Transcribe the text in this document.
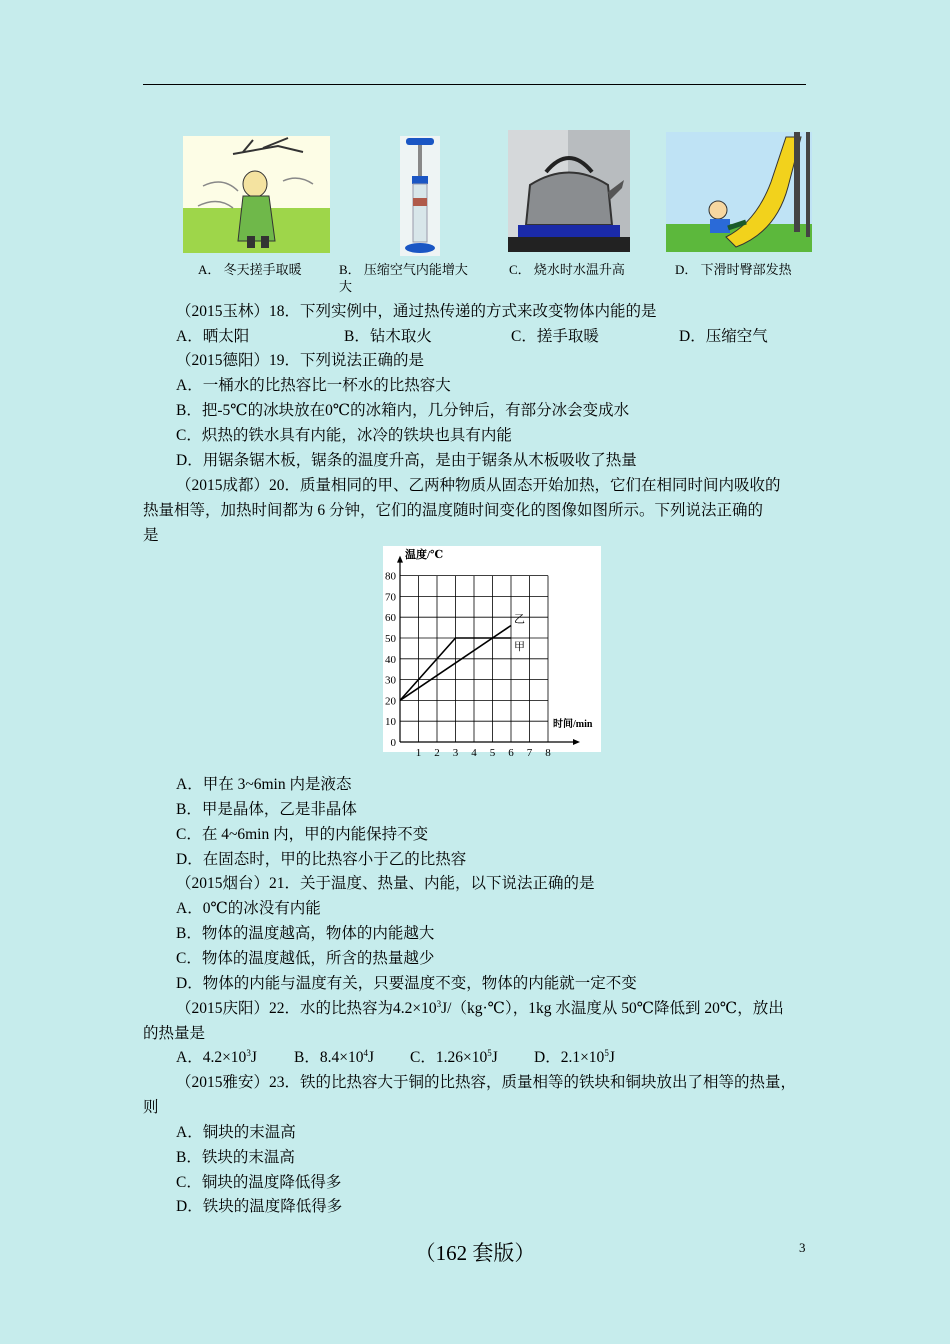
A． 冬天搓手取暖	B． 压缩空气内能增大
大
C． 烧水时水温升高	D． 下滑时臀部发热
（2015玉林）18．下列实例中，通过热传递的方式来改变物体内能的是
A．晒太阳	B．钻木取火	C．搓手取暖	D．压缩空气
（2015德阳）19．下列说法正确的是
A．一桶水的比热容比一杯水的比热容大
B．把-5℃的冰块放在0℃的冰箱内，几分钟后，有部分冰会变成水
C．炽热的铁水具有内能，冰冷的铁块也具有内能
D．用锯条锯木板，锯条的温度升高，是由于锯条从木板吸收了热量
（2015成都）20．质量相同的甲、乙两种物质从固态开始加热，它们在相同时间内吸收的
热量相等，加热时间都为 6 分钟，它们的温度随时间变化的图像如图所示。下列说法正确的
是
甲
乙
0
10
20
30
40
50
60
70
80
1 2 3 4 5 6 7 8
温度/℃
时间/min
A．甲在 3~6min 内是液态
B．甲是晶体，乙是非晶体
C．在 4~6min 内，甲的内能保持不变
D．在固态时，甲的比热容小于乙的比热容
（2015烟台）21．关于温度、热量、内能，以下说法正确的是
A．0℃的冰没有内能
B．物体的温度越高，物体的内能越大
C．物体的温度越低，所含的热量越少
D．物体的内能与温度有关，只要温度不变，物体的内能就一定不变
（2015庆阳）22．水的比热容为$4.2\times 10^3J/(kg\cdot℃)$，1kg 水温度从 50℃降低到 20℃，放出
的热量是
A．$4.2\times 10^3J$ B．$8.4\times 10^4J$ C．$1.26\times 10^5J$ D．$2.1\times 10^5J$
（2015雅安）23．铁的比热容大于铜的比热容，质量相等的铁块和铜块放出了相等的热量，
则
A．铜块的末温高
B．铁块的末温高
C．铜块的温度降低得多
D．铁块的温度降低得多
（162 套版）	3
